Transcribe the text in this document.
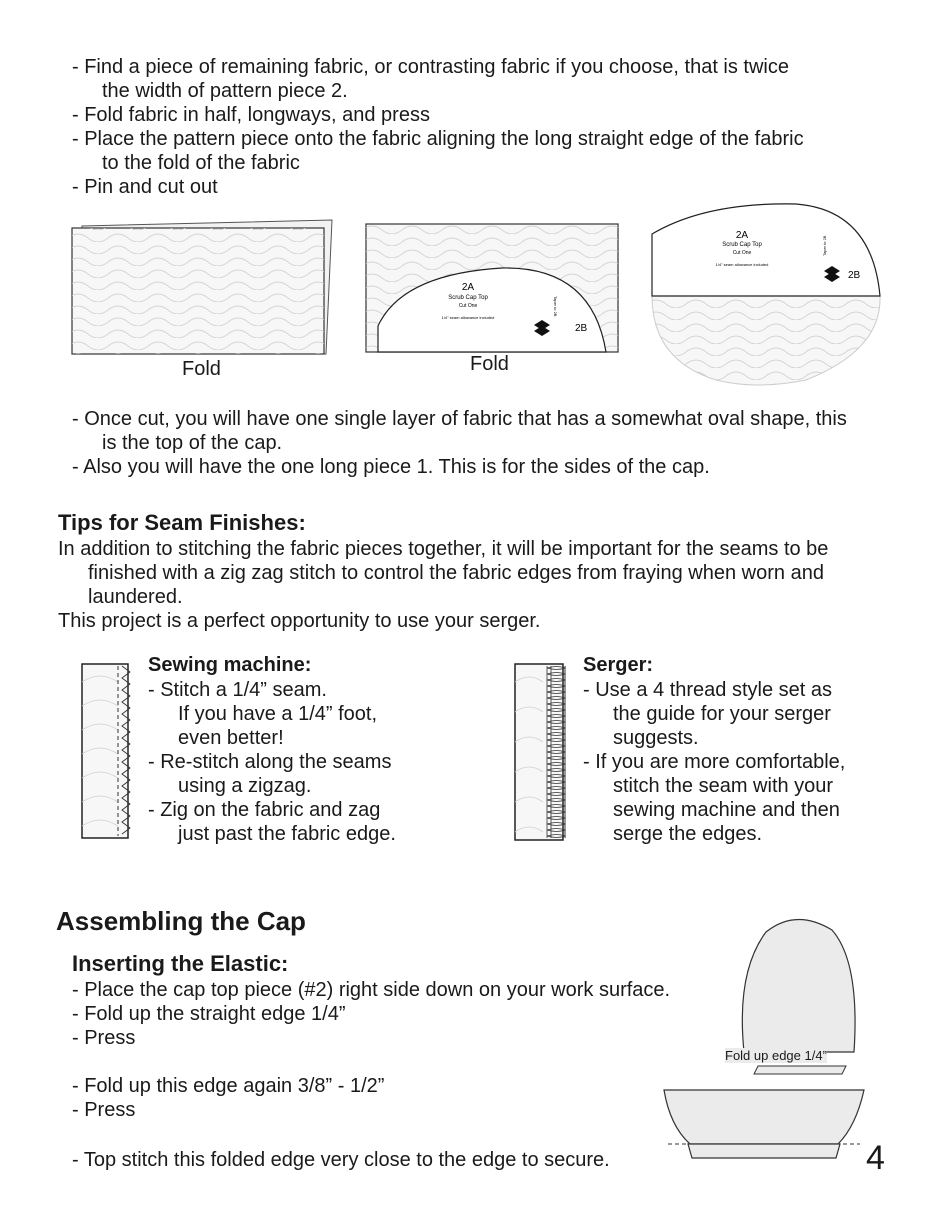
- Find a piece of remaining fabric, or contrasting fabric if you choose, that is twice
the width of pattern piece 2.
- Fold fabric in half, longways, and press
- Place the pattern piece onto the fabric aligning the long straight edge of the fabric
to the fold of the fabric
- Pin and cut out
Fold
2A
Scrub Cap Top
Cut One
1/4" seam allowance included
Taper to 2B
2B
Fold
2A
Scrub Cap Top
Cut One
1/4" seam allowance included
Taper to 2B
2B
- Once cut, you will have one single layer of fabric that has a somewhat oval shape, this
is the top of the cap.
- Also you will have the one long piece 1. This is for the sides of the cap.
Tips for Seam Finishes:
In addition to stitching the fabric pieces together, it will be important for the seams to be
finished with a zig zag stitch to control the fabric edges from fraying when worn and
laundered.
This project is a perfect opportunity to use your serger.
Sewing machine:
- Stitch a 1/4” seam.
If you have a 1/4” foot,
even better!
- Re-stitch along the seams
using a zigzag.
- Zig on the fabric and zag
just past the fabric edge.
Serger:
- Use a 4 thread style set as
the guide for your serger
suggests.
- If you are more comfortable,
stitch the seam with your
sewing machine and then
serge the edges.
Assembling the Cap
Inserting the Elastic:
- Place the cap top piece (#2) right side down on your work surface.
- Fold up the straight edge 1/4”
- Press
- Fold up this edge again 3/8” - 1/2”
- Press
- Top stitch this folded edge very close to the edge to secure.
Fold up edge 1/4”
4
